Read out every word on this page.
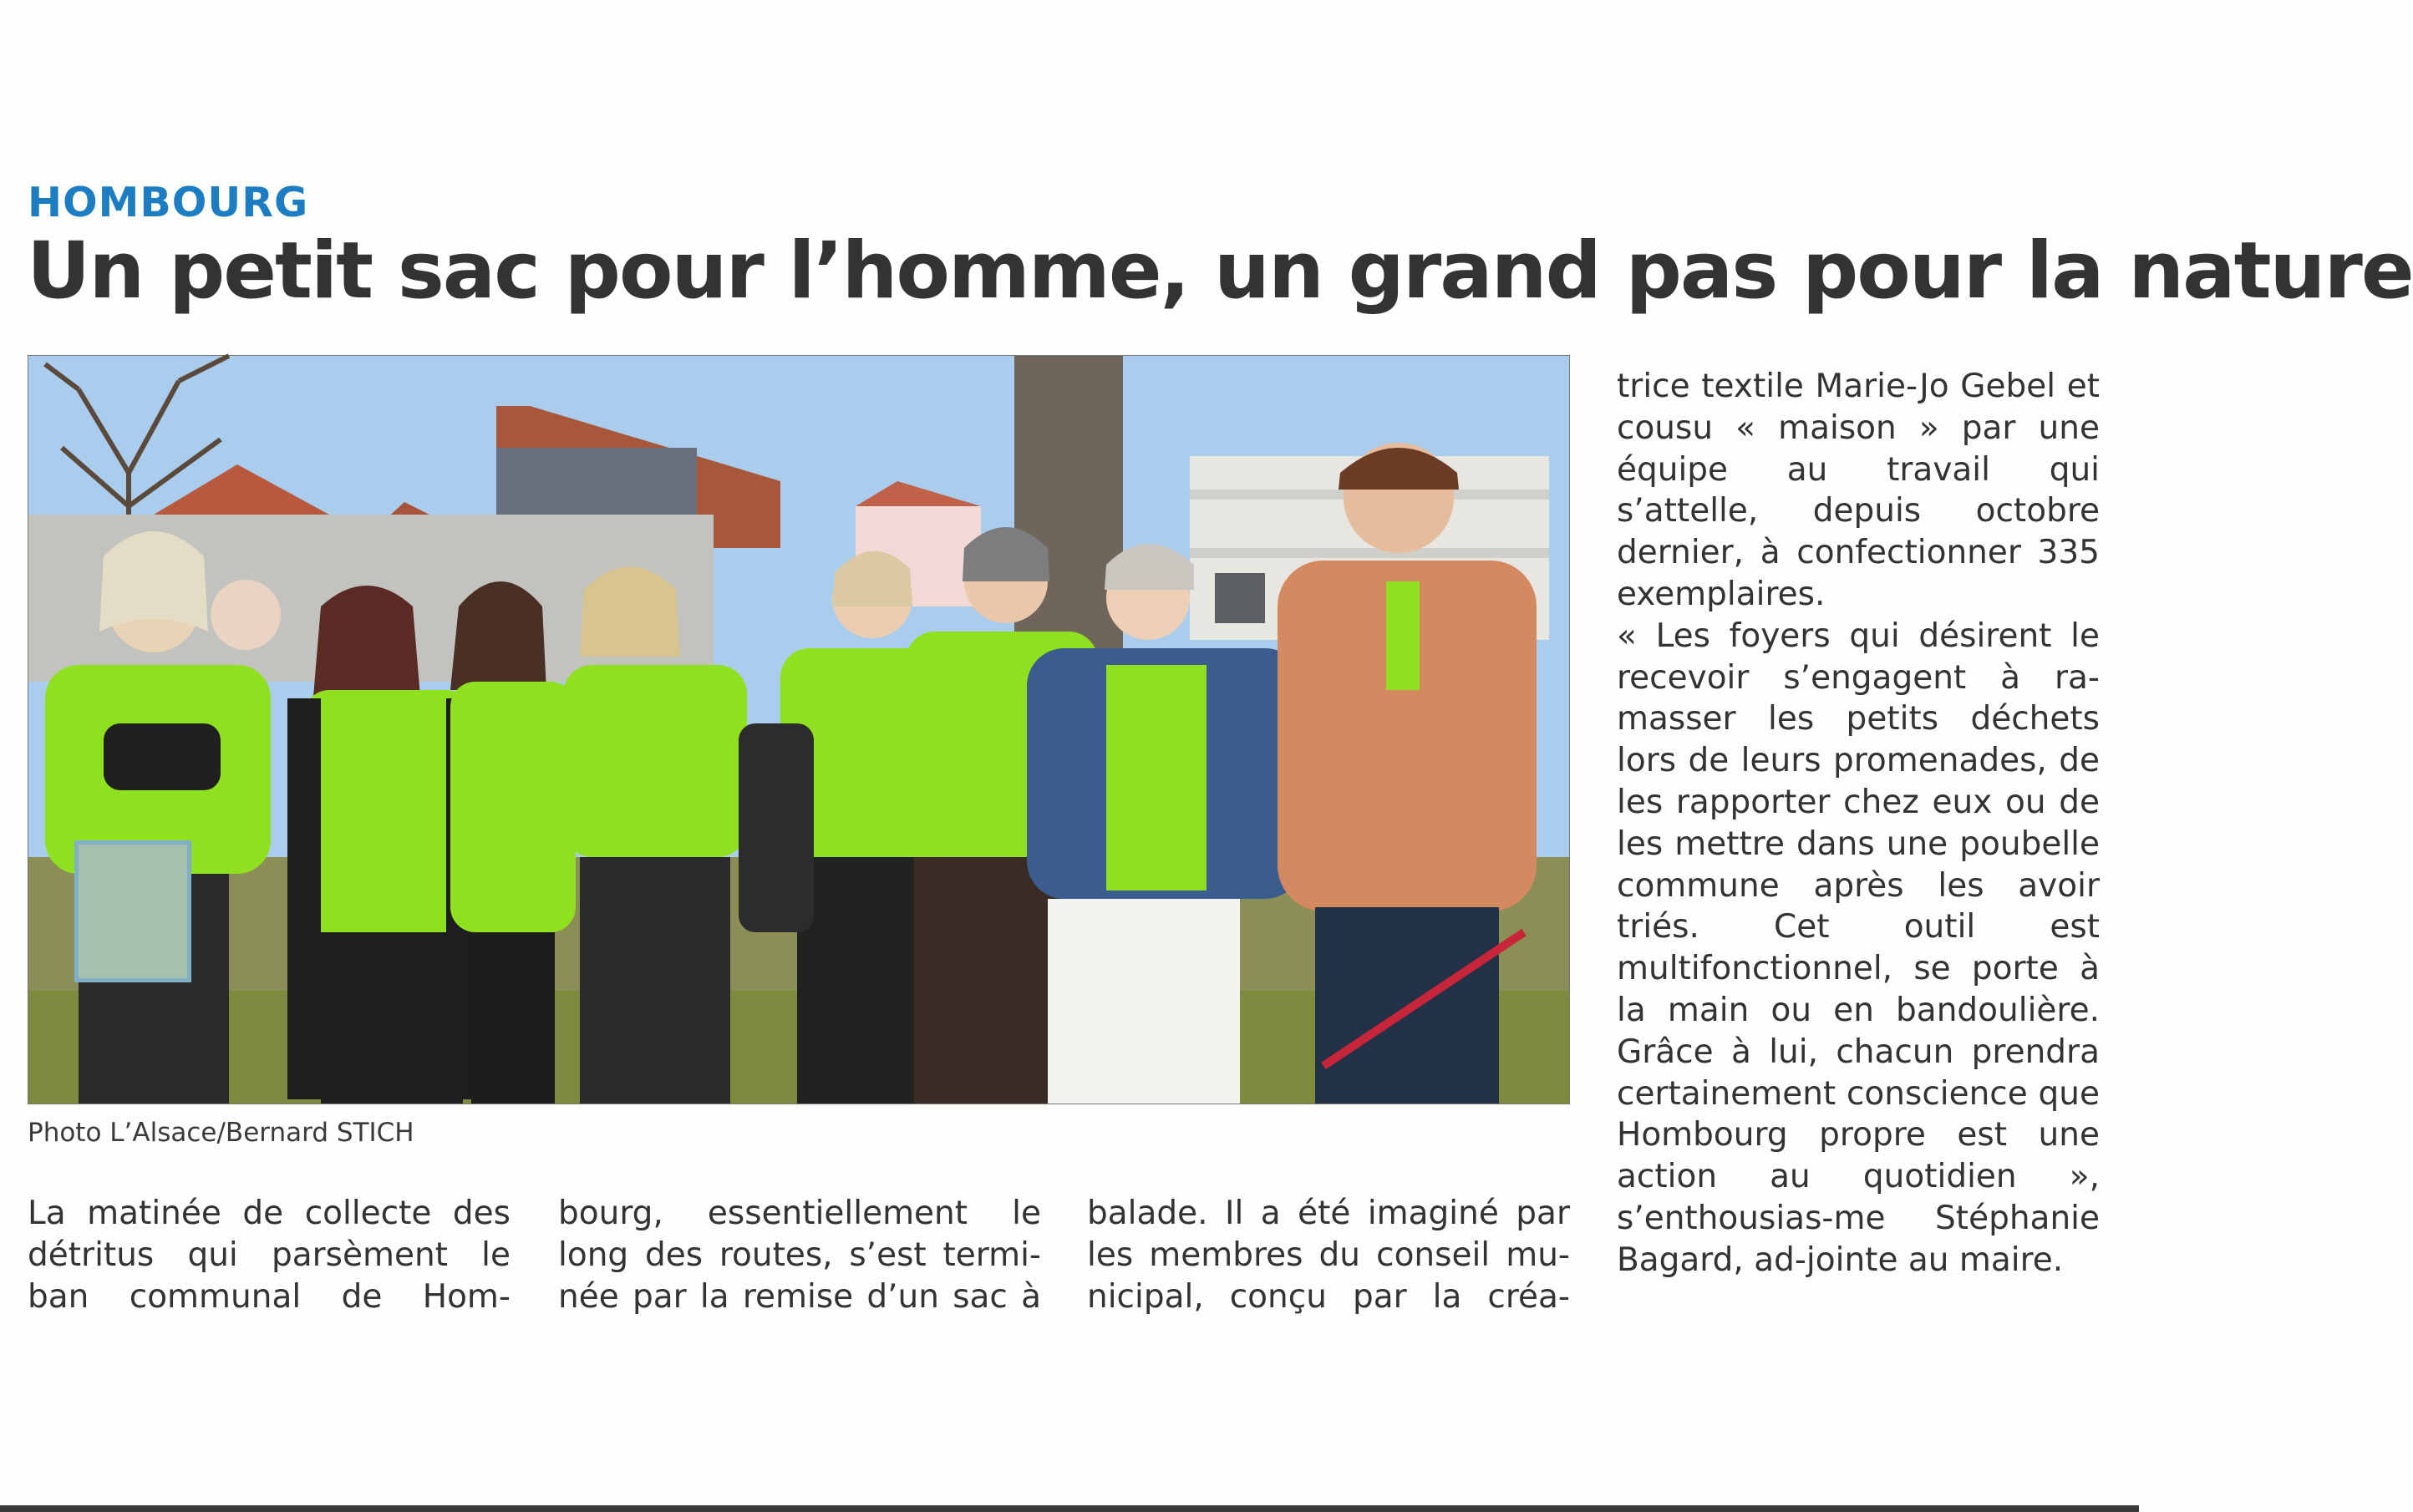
HOMBOURG
Un petit sac pour l’homme, un grand pas pour la nature
Photo L’Alsace/Bernard STICH

La matinée de collecte des détritus qui parsèment le ban communal de Hom-

bourg, essentiellement le long des routes, s’est termi-née par la remise d’un sac à

balade. Il a été imaginé par les membres du conseil mu-nicipal, conçu par la créa-

trice textile Marie-Jo Gebel et cousu « maison » par une équipe au travail qui s’attelle, depuis octobre dernier, à confectionner 335 exemplaires.
« Les foyers qui désirent le recevoir s’engagent à ra-masser les petits déchets lors de leurs promenades, de les rapporter chez eux ou de les mettre dans une poubelle commune après les avoir triés. Cet outil est multifonctionnel, se porte à la main ou en bandoulière. Grâce à lui, chacun prendra certainement conscience que Hombourg propre est une action au quotidien », s’enthousias-me Stéphanie Bagard, ad-jointe au maire.
